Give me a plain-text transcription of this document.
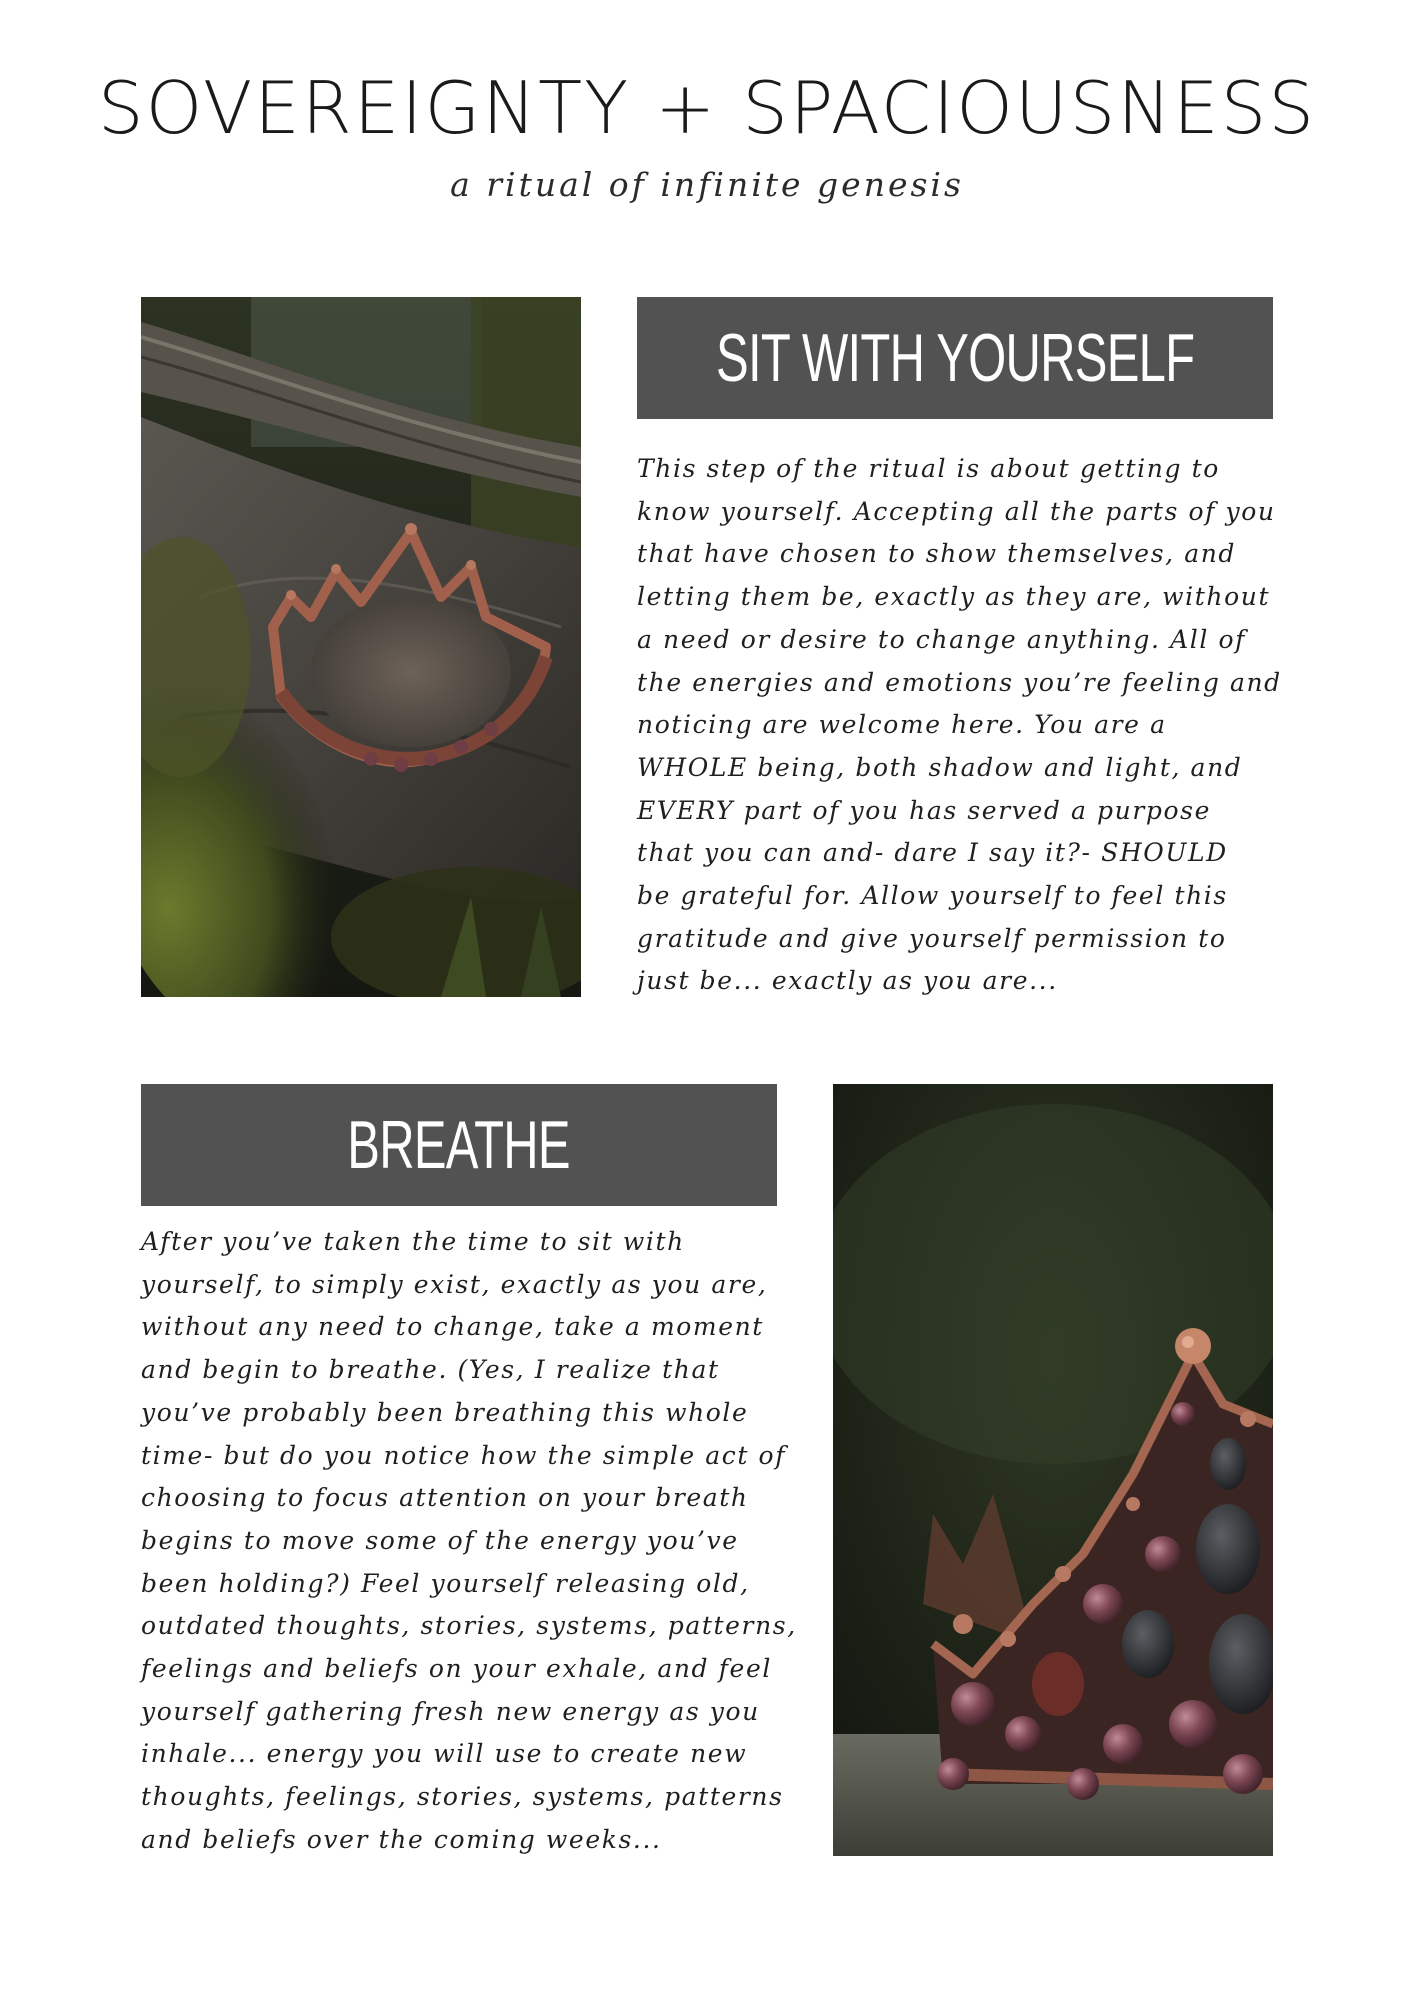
SOVEREIGNTY + SPACIOUSNESS
a ritual of infinite genesis
SIT WITH YOURSELF
This step of the ritual is about getting to
know yourself. Accepting all the parts of you
that have chosen to show themselves, and
letting them be, exactly as they are, without
a need or desire to change anything. All of
the energies and emotions you’re feeling and
noticing are welcome here. You are a
WHOLE being, both shadow and light, and
EVERY part of you has served a purpose
that you can and- dare I say it?- SHOULD
be grateful for. Allow yourself to feel this
gratitude and give yourself permission to
just be... exactly as you are...
BREATHE
After you’ve taken the time to sit with
yourself, to simply exist, exactly as you are,
without any need to change, take a moment
and begin to breathe. (Yes, I realize that
you’ve probably been breathing this whole
time- but do you notice how the simple act of
choosing to focus attention on your breath
begins to move some of the energy you’ve
been holding?) Feel yourself releasing old,
outdated thoughts, stories, systems, patterns,
feelings and beliefs on your exhale, and feel
yourself gathering fresh new energy as you
inhale... energy you will use to create new
thoughts, feelings, stories, systems, patterns
and beliefs over the coming weeks...
